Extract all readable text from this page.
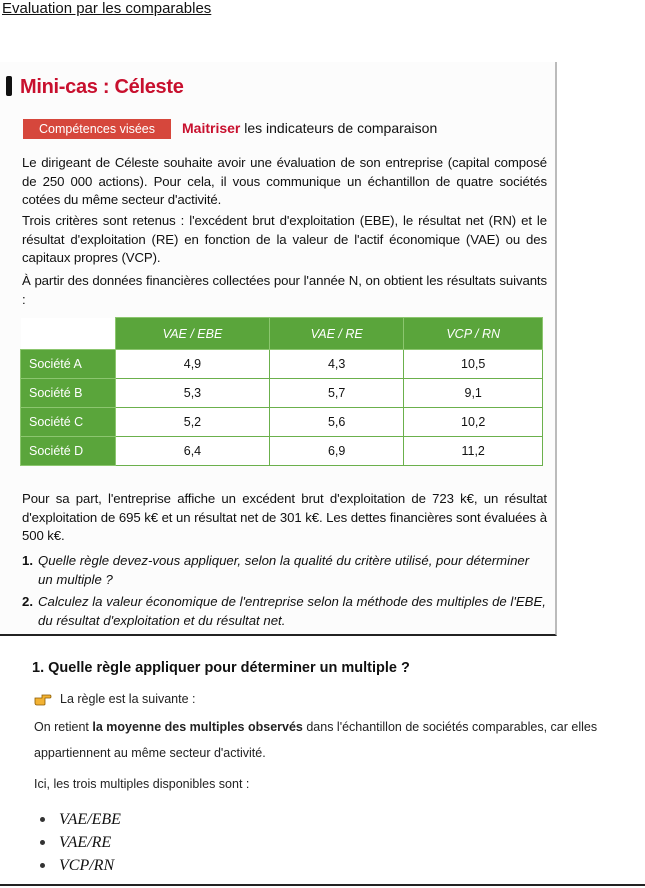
Evaluation par les comparables
Mini-cas : Céleste
Compétences visées	Maitriser les indicateurs de comparaison
Le dirigeant de Céleste souhaite avoir une évaluation de son entreprise (capital composé de 250 000 actions). Pour cela, il vous communique un échantillon de quatre sociétés cotées du même secteur d'activité.
Trois critères sont retenus : l'excédent brut d'exploitation (EBE), le résultat net (RN) et le résultat d'exploitation (RE) en fonction de la valeur de l'actif économique (VAE) ou des capitaux propres (VCP).
À partir des données financières collectées pour l'année N, on obtient les résultats suivants :
	VAE / EBE	VAE / RE	VCP / RN
Société A	4,9	4,3	10,5
Société B	5,3	5,7	9,1
Société C	5,2	5,6	10,2
Société D	6,4	6,9	11,2
Pour sa part, l'entreprise affiche un excédent brut d'exploitation de 723 k€, un résultat d'exploitation de 695 k€ et un résultat net de 301 k€. Les dettes financières sont évaluées à 500 k€.
1. Quelle règle devez-vous appliquer, selon la qualité du critère utilisé, pour déterminer un multiple ?
2. Calculez la valeur économique de l'entreprise selon la méthode des multiples de l'EBE, du résultat d'exploitation et du résultat net.
1. Quelle règle appliquer pour déterminer un multiple ?
La règle est la suivante :
On retient la moyenne des multiples observés dans l'échantillon de sociétés comparables, car elles appartiennent au même secteur d'activité.
Ici, les trois multiples disponibles sont :
VAE/EBE
VAE/RE
VCP/RN
